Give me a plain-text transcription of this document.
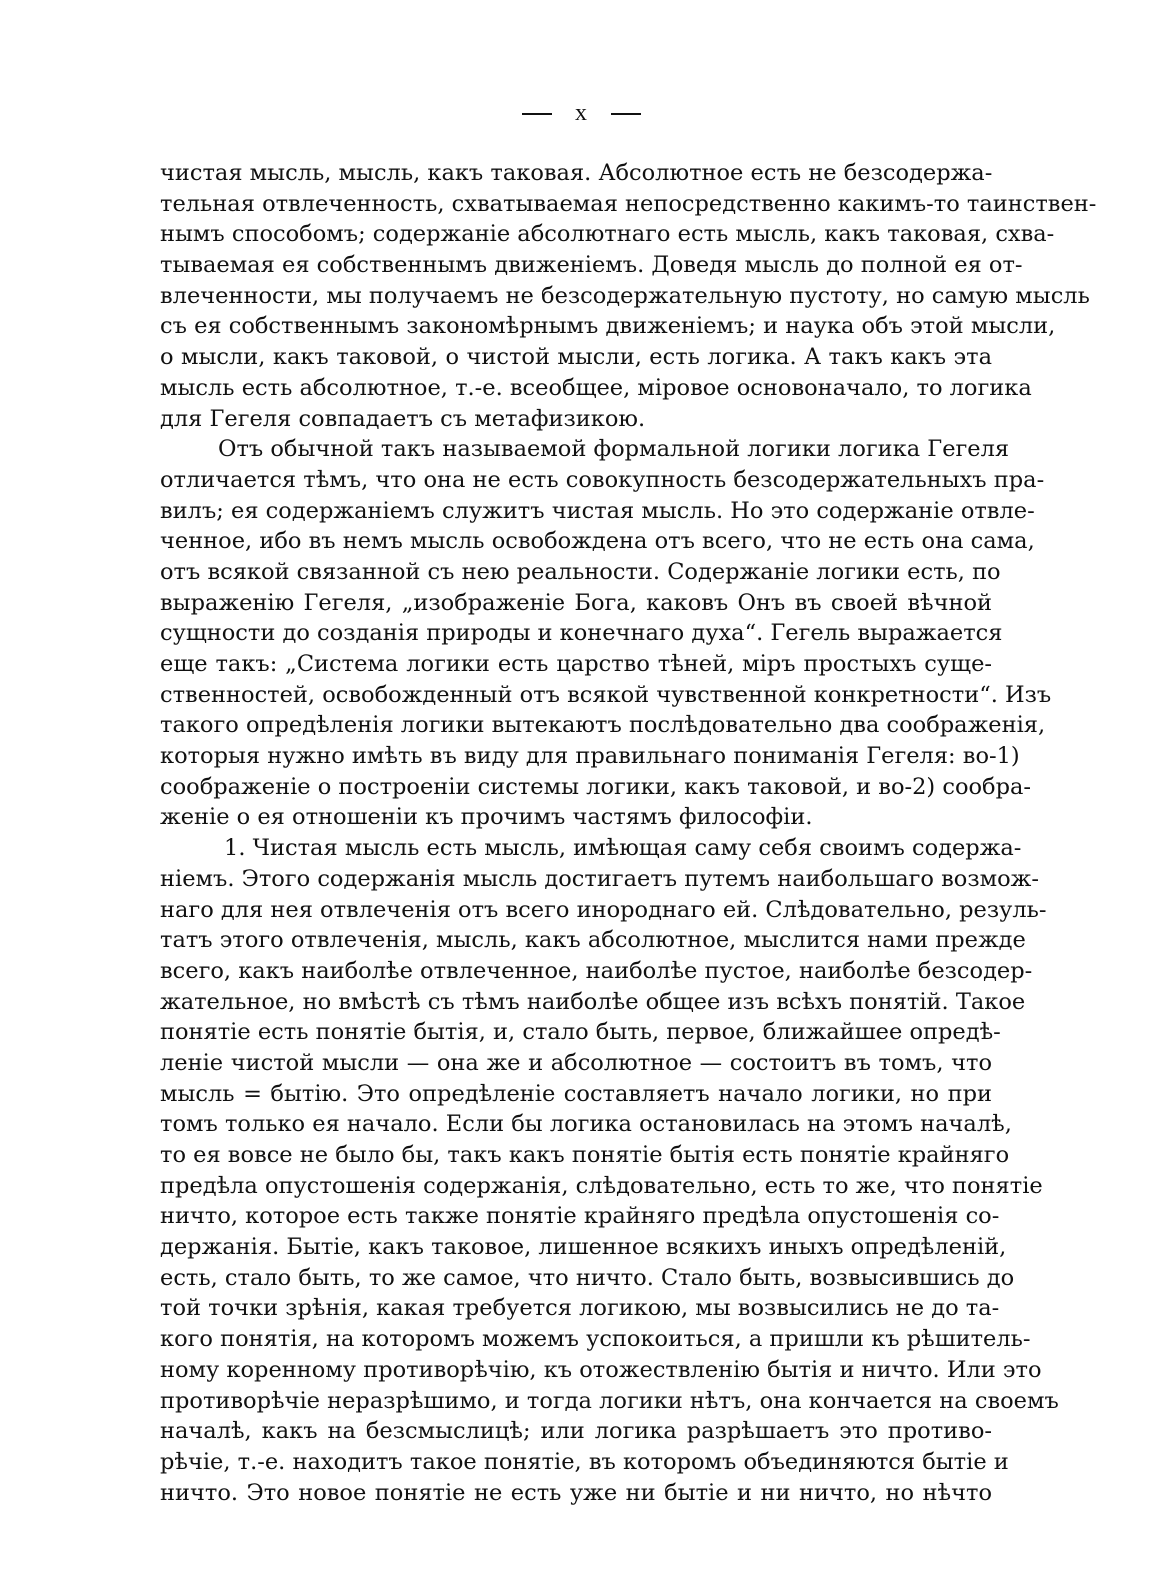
x
чистая мысль, мысль, какъ таковая. Абсолютное есть не безсодержа-
тельная отвлеченность, схватываемая непосредственно какимъ-то таинствен-
нымъ способомъ; содержаніе абсолютнаго есть мысль, какъ таковая, схва-
тываемая ея собственнымъ движеніемъ. Доведя мысль до полной ея от-
влеченности, мы получаемъ не безсодержательную пустоту, но самую мысль
съ ея собственнымъ закономѣрнымъ движеніемъ; и наука объ этой мысли,
о мысли, какъ таковой, о чистой мысли, есть логика. А такъ какъ эта
мысль есть абсолютное, т.-е. всеобщее, міровое основоначало, то логика
для Гегеля совпадаетъ съ метафизикою.
Отъ обычной такъ называемой формальной логики логика Гегеля
отличается тѣмъ, что она не есть совокупность безсодержательныхъ пра-
вилъ; ея содержаніемъ служитъ чистая мысль. Но это содержаніе отвле-
ченное, ибо въ немъ мысль освобождена отъ всего, что не есть она сама,
отъ всякой связанной съ нею реальности. Содержаніе логики есть, по
выраженію Гегеля, „изображеніе Бога, каковъ Онъ въ своей вѣчной
сущности до созданія природы и конечнаго духа“. Гегель выражается
еще такъ: „Система логики есть царство тѣней, міръ простыхъ суще-
ственностей, освобожденный отъ всякой чувственной конкретности“. Изъ
такого опредѣленія логики вытекаютъ послѣдовательно два соображенія,
которыя нужно имѣть въ виду для правильнаго пониманія Гегеля: во-1)
соображеніе о построеніи системы логики, какъ таковой, и во-2) сообра-
женіе о ея отношеніи къ прочимъ частямъ философіи.
1. Чистая мысль есть мысль, имѣющая саму себя своимъ содержа-
ніемъ. Этого содержанія мысль достигаетъ путемъ наибольшаго возмож-
наго для нея отвлеченія отъ всего инороднаго ей. Слѣдовательно, резуль-
татъ этого отвлеченія, мысль, какъ абсолютное, мыслится нами прежде
всего, какъ наиболѣе отвлеченное, наиболѣе пустое, наиболѣе безсодер-
жательное, но вмѣстѣ съ тѣмъ наиболѣе общее изъ всѣхъ понятій. Такое
понятіе есть понятіе бытія, и, стало быть, первое, ближайшее опредѣ-
леніе чистой мысли — она же и абсолютное — состоитъ въ томъ, что
мысль = бытію. Это опредѣленіе составляетъ начало логики, но при
томъ только ея начало. Если бы логика остановилась на этомъ началѣ,
то ея вовсе не было бы, такъ какъ понятіе бытія есть понятіе крайняго
предѣла опустошенія содержанія, слѣдовательно, есть то же, что понятіе
ничто, которое есть также понятіе крайняго предѣла опустошенія со-
держанія. Бытіе, какъ таковое, лишенное всякихъ иныхъ опредѣленій,
есть, стало быть, то же самое, что ничто. Стало быть, возвысившись до
той точки зрѣнія, какая требуется логикою, мы возвысились не до та-
кого понятія, на которомъ можемъ успокоиться, а пришли къ рѣшитель-
ному коренному противорѣчію, къ отожествленію бытія и ничто. Или это
противорѣчіе неразрѣшимо, и тогда логики нѣтъ, она кончается на своемъ
началѣ, какъ на безсмыслицѣ; или логика разрѣшаетъ это противо-
рѣчіе, т.-е. находитъ такое понятіе, въ которомъ объединяются бытіе и
ничто. Это новое понятіе не есть уже ни бытіе и ни ничто, но нѣчто
